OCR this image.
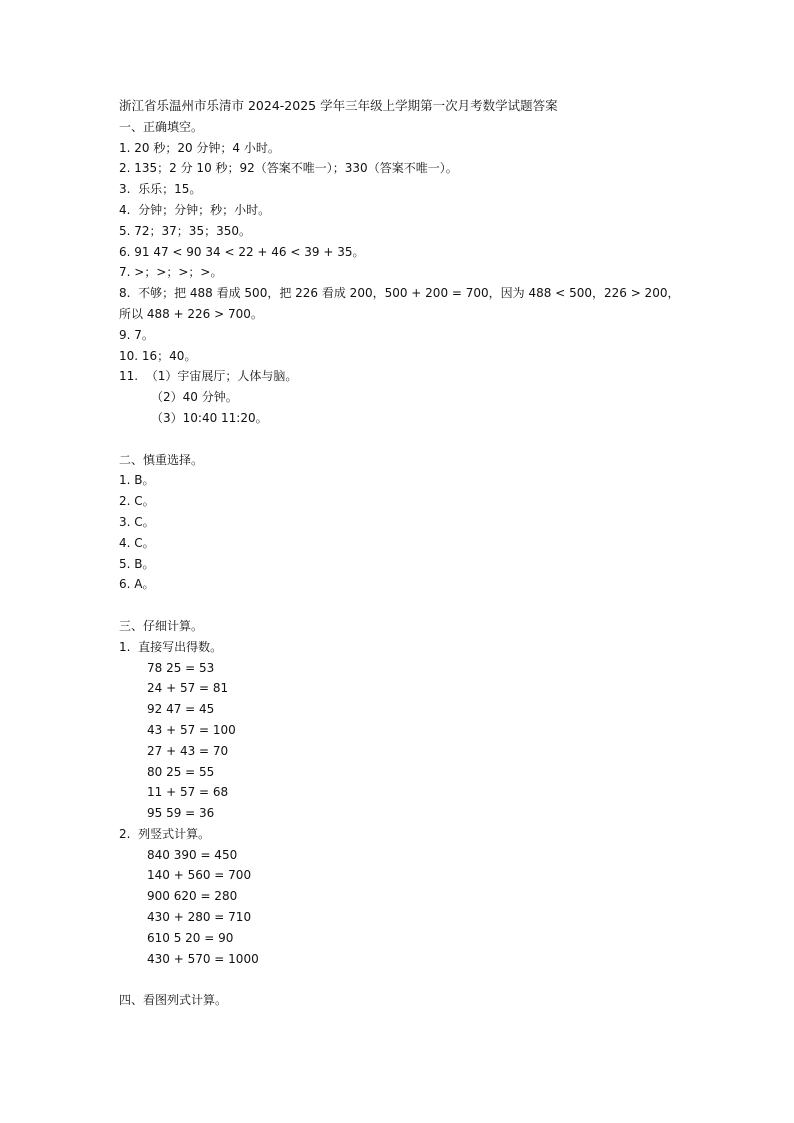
浙江省乐温州市乐清市 2024-2025 学年三年级上学期第一次月考数学试题答案
一、正确填空。
1. 20 秒；20 分钟；4 小时。
2. 135；2 分 10 秒；92（答案不唯一）；330（答案不唯一）。
3.  乐乐；15。
4.  分钟；分钟；秒；小时。
5. 72；37；35；350。
6. 91 47 < 90 34 < 22 + 46 < 39 + 35。
7. >；>；>；>。
8.  不够；把 488 看成 500，把 226 看成 200，500 + 200 = 700，因为 488 < 500，226 > 200，
所以 488 + 226 > 700。
9. 7。
10. 16；40。
11.  （1）宇宙展厅；人体与脑。
（2）40 分钟。
（3）10:40 11:20。
二、慎重选择。
1. B。
2. C。
3. C。
4. C。
5. B。
6. A。
三、仔细计算。
1.  直接写出得数。
78 25 = 53
24 + 57 = 81
92 47 = 45
43 + 57 = 100
27 + 43 = 70
80 25 = 55
11 + 57 = 68
95 59 = 36
2.  列竖式计算。
840 390 = 450
140 + 560 = 700
900 620 = 280
430 + 280 = 710
610 5 20 = 90
430 + 570 = 1000
四、看图列式计算。
